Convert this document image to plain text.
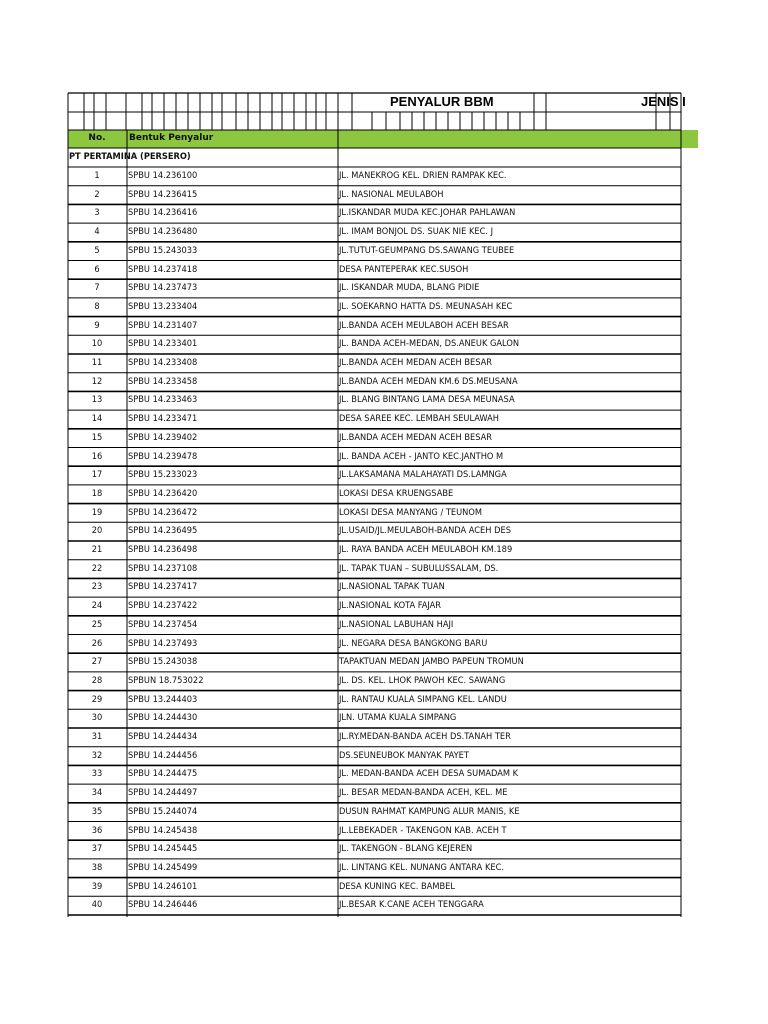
PENYALUR BBM	JENIS I
No.	Bentuk Penyalur
PT PERTAMINA (PERSERO)
1	SPBU 14.236100	JL. MANEKROG KEL. DRIEN RAMPAK KEC.
2	SPBU 14.236415	JL. NASIONAL MEULABOH
3	SPBU 14.236416	JL.ISKANDAR MUDA KEC.JOHAR PAHLAWAN
4	SPBU 14.236480	JL. IMAM BONJOL DS. SUAK NIE KEC. J
5	SPBU 15.243033	JL.TUTUT-GEUMPANG DS.SAWANG TEUBEE
6	SPBU 14.237418	DESA PANTEPERAK KEC.SUSOH
7	SPBU 14.237473	JL. ISKANDAR MUDA, BLANG PIDIE
8	SPBU 13.233404	JL. SOEKARNO HATTA DS. MEUNASAH KEC
9	SPBU 14.231407	JL.BANDA ACEH MEULABOH ACEH BESAR
10	SPBU 14.233401	JL. BANDA ACEH-MEDAN, DS.ANEUK GALON
11	SPBU 14.233408	JL.BANDA ACEH MEDAN ACEH BESAR
12	SPBU 14.233458	JL.BANDA ACEH MEDAN KM.6 DS.MEUSANA
13	SPBU 14.233463	JL. BLANG BINTANG LAMA DESA MEUNASA
14	SPBU 14.233471	DESA SAREE KEC. LEMBAH SEULAWAH
15	SPBU 14.239402	JL.BANDA ACEH MEDAN ACEH BESAR
16	SPBU 14.239478	JL. BANDA ACEH - JANTO KEC.JANTHO M
17	SPBU 15.233023	JL.LAKSAMANA MALAHAYATI DS.LAMNGA
18	SPBU 14.236420	LOKASI DESA KRUENGSABE
19	SPBU 14.236472	LOKASI DESA MANYANG / TEUNOM
20	SPBU 14.236495	JL.USAID/JL.MEULABOH-BANDA ACEH DES
21	SPBU 14.236498	JL. RAYA BANDA ACEH MEULABOH KM.189
22	SPBU 14.237108	JL. TAPAK TUAN – SUBULUSSALAM, DS.
23	SPBU 14.237417	JL.NASIONAL TAPAK TUAN
24	SPBU 14.237422	JL.NASIONAL KOTA FAJAR
25	SPBU 14.237454	JL.NASIONAL LABUHAN HAJI
26	SPBU 14.237493	JL. NEGARA DESA BANGKONG BARU
27	SPBU 15.243038	TAPAKTUAN MEDAN JAMBO PAPEUN TROMUN
28	SPBUN 18.753022	JL. DS. KEL. LHOK PAWOH KEC. SAWANG
29	SPBU 13.244403	JL. RANTAU KUALA SIMPANG KEL. LANDU
30	SPBU 14.244430	JLN. UTAMA KUALA SIMPANG
31	SPBU 14.244434	JL.RY.MEDAN-BANDA ACEH DS.TANAH TER
32	SPBU 14.244456	DS.SEUNEUBOK MANYAK PAYET
33	SPBU 14.244475	JL. MEDAN-BANDA ACEH DESA SUMADAM K
34	SPBU 14.244497	JL. BESAR MEDAN-BANDA ACEH, KEL. ME
35	SPBU 15.244074	DUSUN RAHMAT KAMPUNG ALUR MANIS, KE
36	SPBU 14.245438	JL.LEBEKADER - TAKENGON KAB. ACEH T
37	SPBU 14.245445	JL. TAKENGON - BLANG KEJEREN
38	SPBU 14.245499	JL. LINTANG KEL. NUNANG ANTARA KEC.
39	SPBU 14.246101	DESA KUNING KEC. BAMBEL
40	SPBU 14.246446	JL.BESAR K.CANE ACEH TENGGARA
